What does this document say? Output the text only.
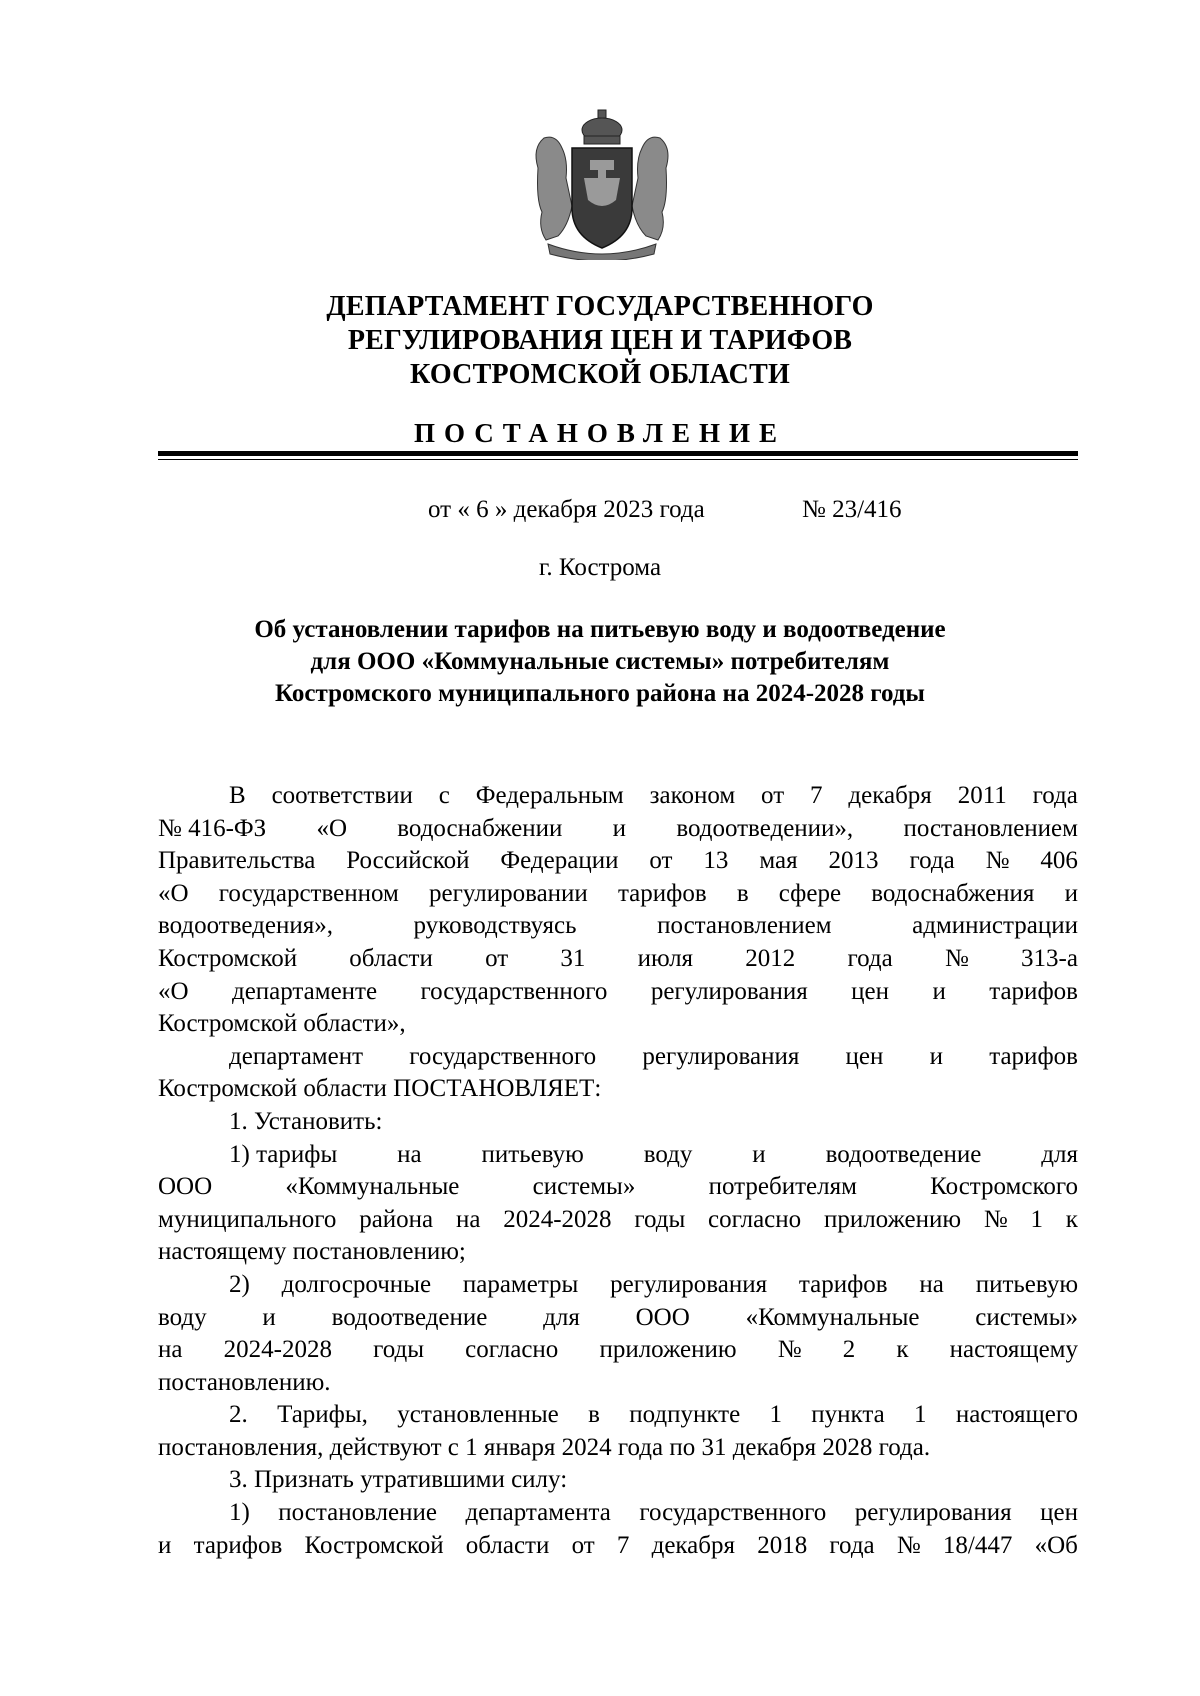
ДЕПАРТАМЕНТ ГОСУДАРСТВЕННОГО
РЕГУЛИРОВАНИЯ ЦЕН И ТАРИФОВ
КОСТРОМСКОЙ ОБЛАСТИ
ПОСТАНОВЛЕНИЕ
от « 6 » декабря 2023 года	№ 23/416
г. Кострома
Об установлении тарифов на питьевую воду и водоотведение
для ООО «Коммунальные системы» потребителям
Костромского муниципального района на 2024-2028 годы
В соответствии с Федеральным законом от 7 декабря 2011 года
№ 416-ФЗ «О водоснабжении и водоотведении», постановлением
Правительства Российской Федерации от 13 мая 2013 года № 406
«О государственном регулировании тарифов в сфере водоснабжения и
водоотведения»,	руководствуясь	постановлением	администрации
Костромской области от 31 июля 2012 года № 313-а
«О департаменте государственного регулирования цен и тарифов
Костромской области»,
департамент государственного регулирования цен и тарифов
Костромской области ПОСТАНОВЛЯЕТ:
1. Установить:
1) тарифы на питьевую воду и водоотведение для
ООО	«Коммунальные	системы»	потребителям	Костромского
муниципального района на 2024-2028 годы согласно приложению № 1 к
настоящему постановлению;
2) долгосрочные параметры регулирования тарифов на питьевую
воду и водоотведение для ООО «Коммунальные системы»
на 2024-2028 годы согласно приложению № 2 к настоящему
постановлению.
2. Тарифы, установленные в подпункте 1 пункта 1 настоящего
постановления, действуют с 1 января 2024 года по 31 декабря 2028 года.
3. Признать утратившими силу:
1) постановление департамента государственного регулирования цен
и тарифов Костромской области от 7 декабря 2018 года № 18/447 «Об
